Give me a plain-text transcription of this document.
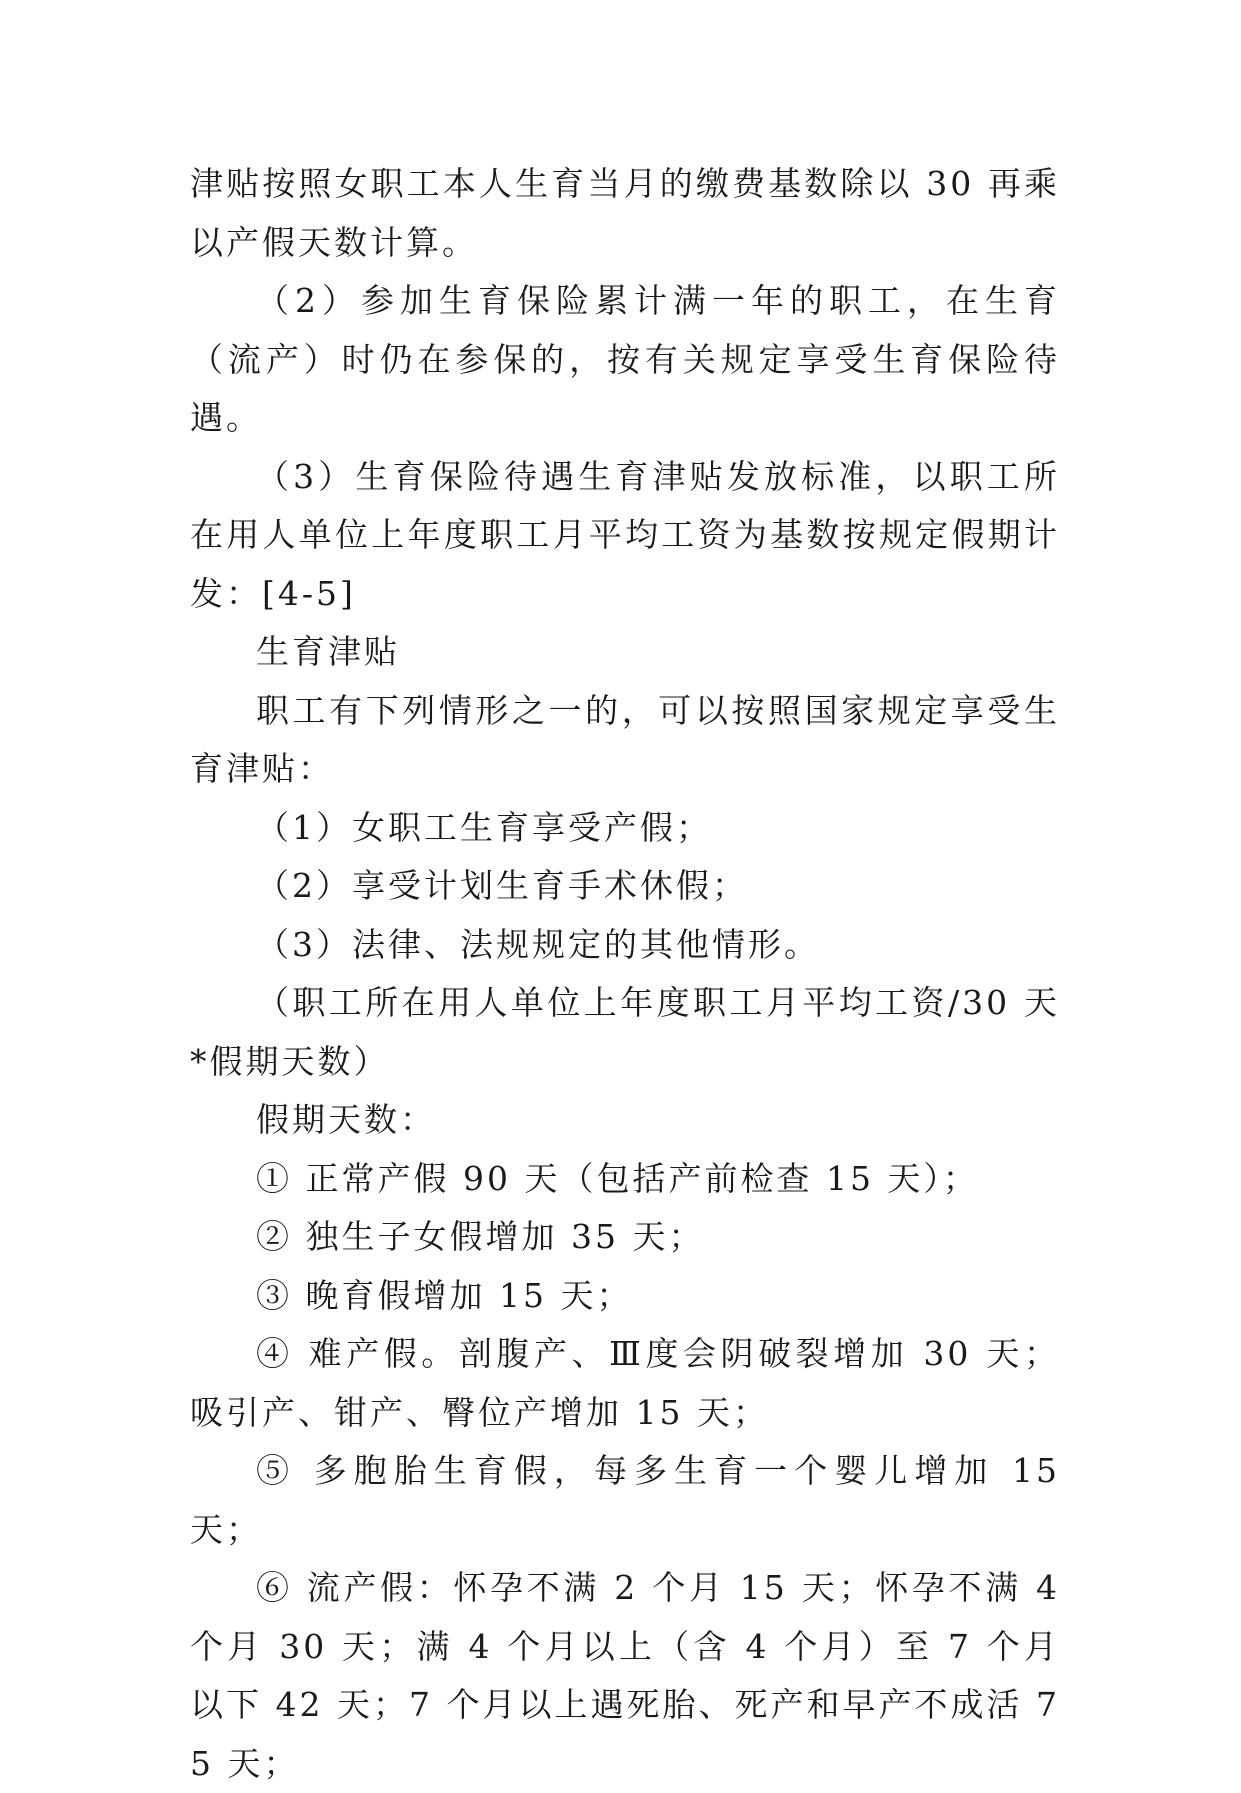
津贴按照女职工本人生育当月的缴费基数除以 30 再乘以产假天数计算。

（2）参加生育保险累计满一年的职工，在生育（流产）时仍在参保的，按有关规定享受生育保险待遇。

（3）生育保险待遇生育津贴发放标准，以职工所在用人单位上年度职工月平均工资为基数按规定假期计发：[4-5]

生育津贴

职工有下列情形之一的，可以按照国家规定享受生育津贴：

（1）女职工生育享受产假；

（2）享受计划生育手术休假；

（3）法律、法规规定的其他情形。

（职工所在用人单位上年度职工月平均工资/30 天*假期天数）

假期天数：

① 正常产假 90 天（包括产前检查 15 天）；

② 独生子女假增加 35 天；

③ 晚育假增加 15 天；

④ 难产假。剖腹产、Ⅲ度会阴破裂增加 30 天；吸引产、钳产、臀位产增加 15 天；

⑤ 多胞胎生育假，每多生育一个婴儿增加 15 天；

⑥ 流产假：怀孕不满 2 个月 15 天；怀孕不满 4 个月 30 天；满 4 个月以上（含 4 个月）至 7 个月以下 42 天；7 个月以上遇死胎、死产和早产不成活 75 天；
